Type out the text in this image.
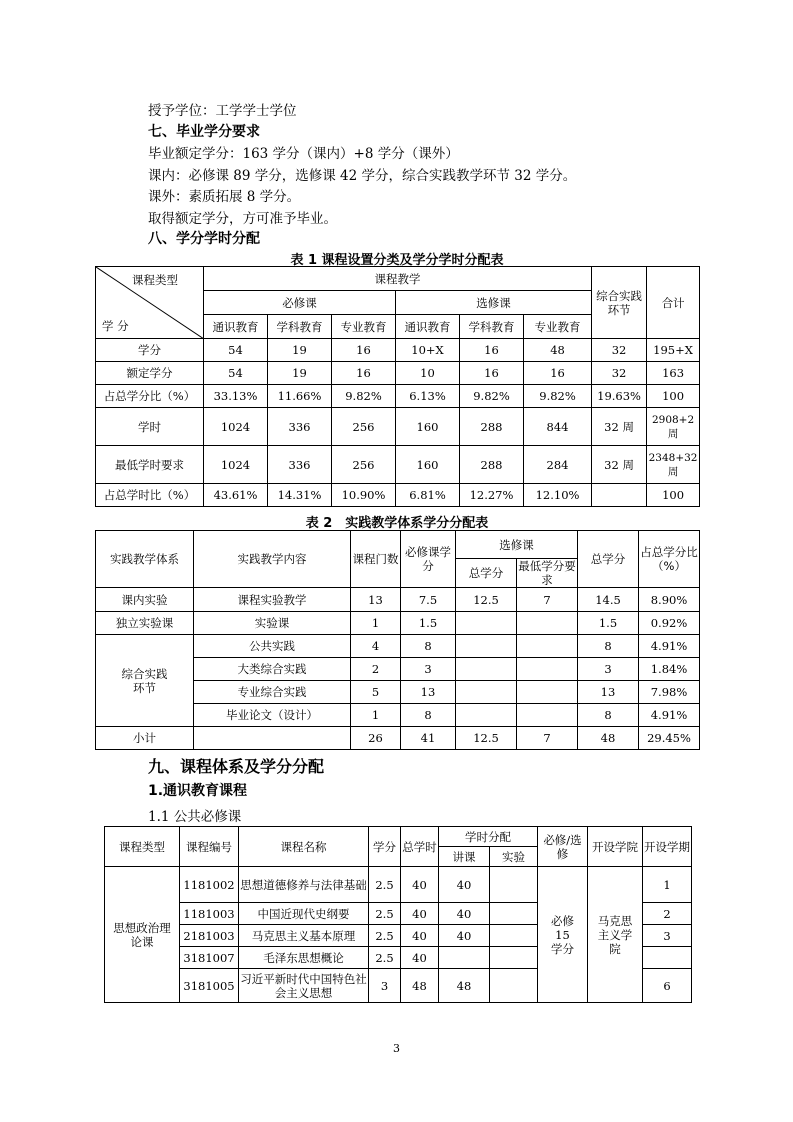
授予学位：工学学士学位
七、毕业学分要求
毕业额定学分：163 学分（课内）+8 学分（课外）
课内：必修课 89 学分，选修课 42 学分，综合实践教学环节 32 学分。
课外：素质拓展 8 学分。
取得额定学分，方可准予毕业。
八、学分学时分配
表 1 课程设置分类及学分学时分配表
课程类型
学 分	课程教学						综合实践环节	合计
	必修课			选修课				
	通识教育	学科教育	专业教育	通识教育	学科教育	专业教育		
学分	54	19	16	10+X	16	48	32	195+X
额定学分	54	19	16	10	16	16	32	163
占总学分比（%）	33.13%	11.66%	9.82%	6.13%	9.82%	9.82%	19.63%	100
学时	1024	336	256	160	288	844	32 周	2908+2周
最低学时要求	1024	336	256	160	288	284	32 周	2348+32 周
占总学时比（%）	43.61%	14.31%	10.90%	6.81%	12.27%	12.10%		100
表 2　实践教学体系学分分配表
实践教学体系	实践教学内容	课程门数	必修课学分	选修课		总学分	占总学分比（%）
				总学分	最低学分要求		
课内实验	课程实验教学	13	7.5	12.5	7	14.5	8.90%
独立实验课	实验课	1	1.5			1.5	0.92%
综合实践环节	公共实践	4	8			8	4.91%
	大类综合实践	2	3			3	1.84%
	专业综合实践	5	13			13	7.98%
	毕业论文（设计）	1	8			8	4.91%
小计		26	41	12.5	7	48	29.45%
九、课程体系及学分分配
1.通识教育课程
1.1 公共必修课
课程类型	课程编号	课程名称	学分	总学时	学时分配		必修/选修	开设学院	开设学期
					讲课	实验			
思想政治理论课	1181002	思想道德修养与法律基础	2.5	40	40		必修15 学分	马克思主义学院	1
	1181003	中国近现代史纲要	2.5	40	40				2
	2181003	马克思主义基本原理	2.5	40	40				3
	3181007	毛泽东思想概论	2.5	40					
	3181005	习近平新时代中国特色社会主义思想	3	48	48				6
3
